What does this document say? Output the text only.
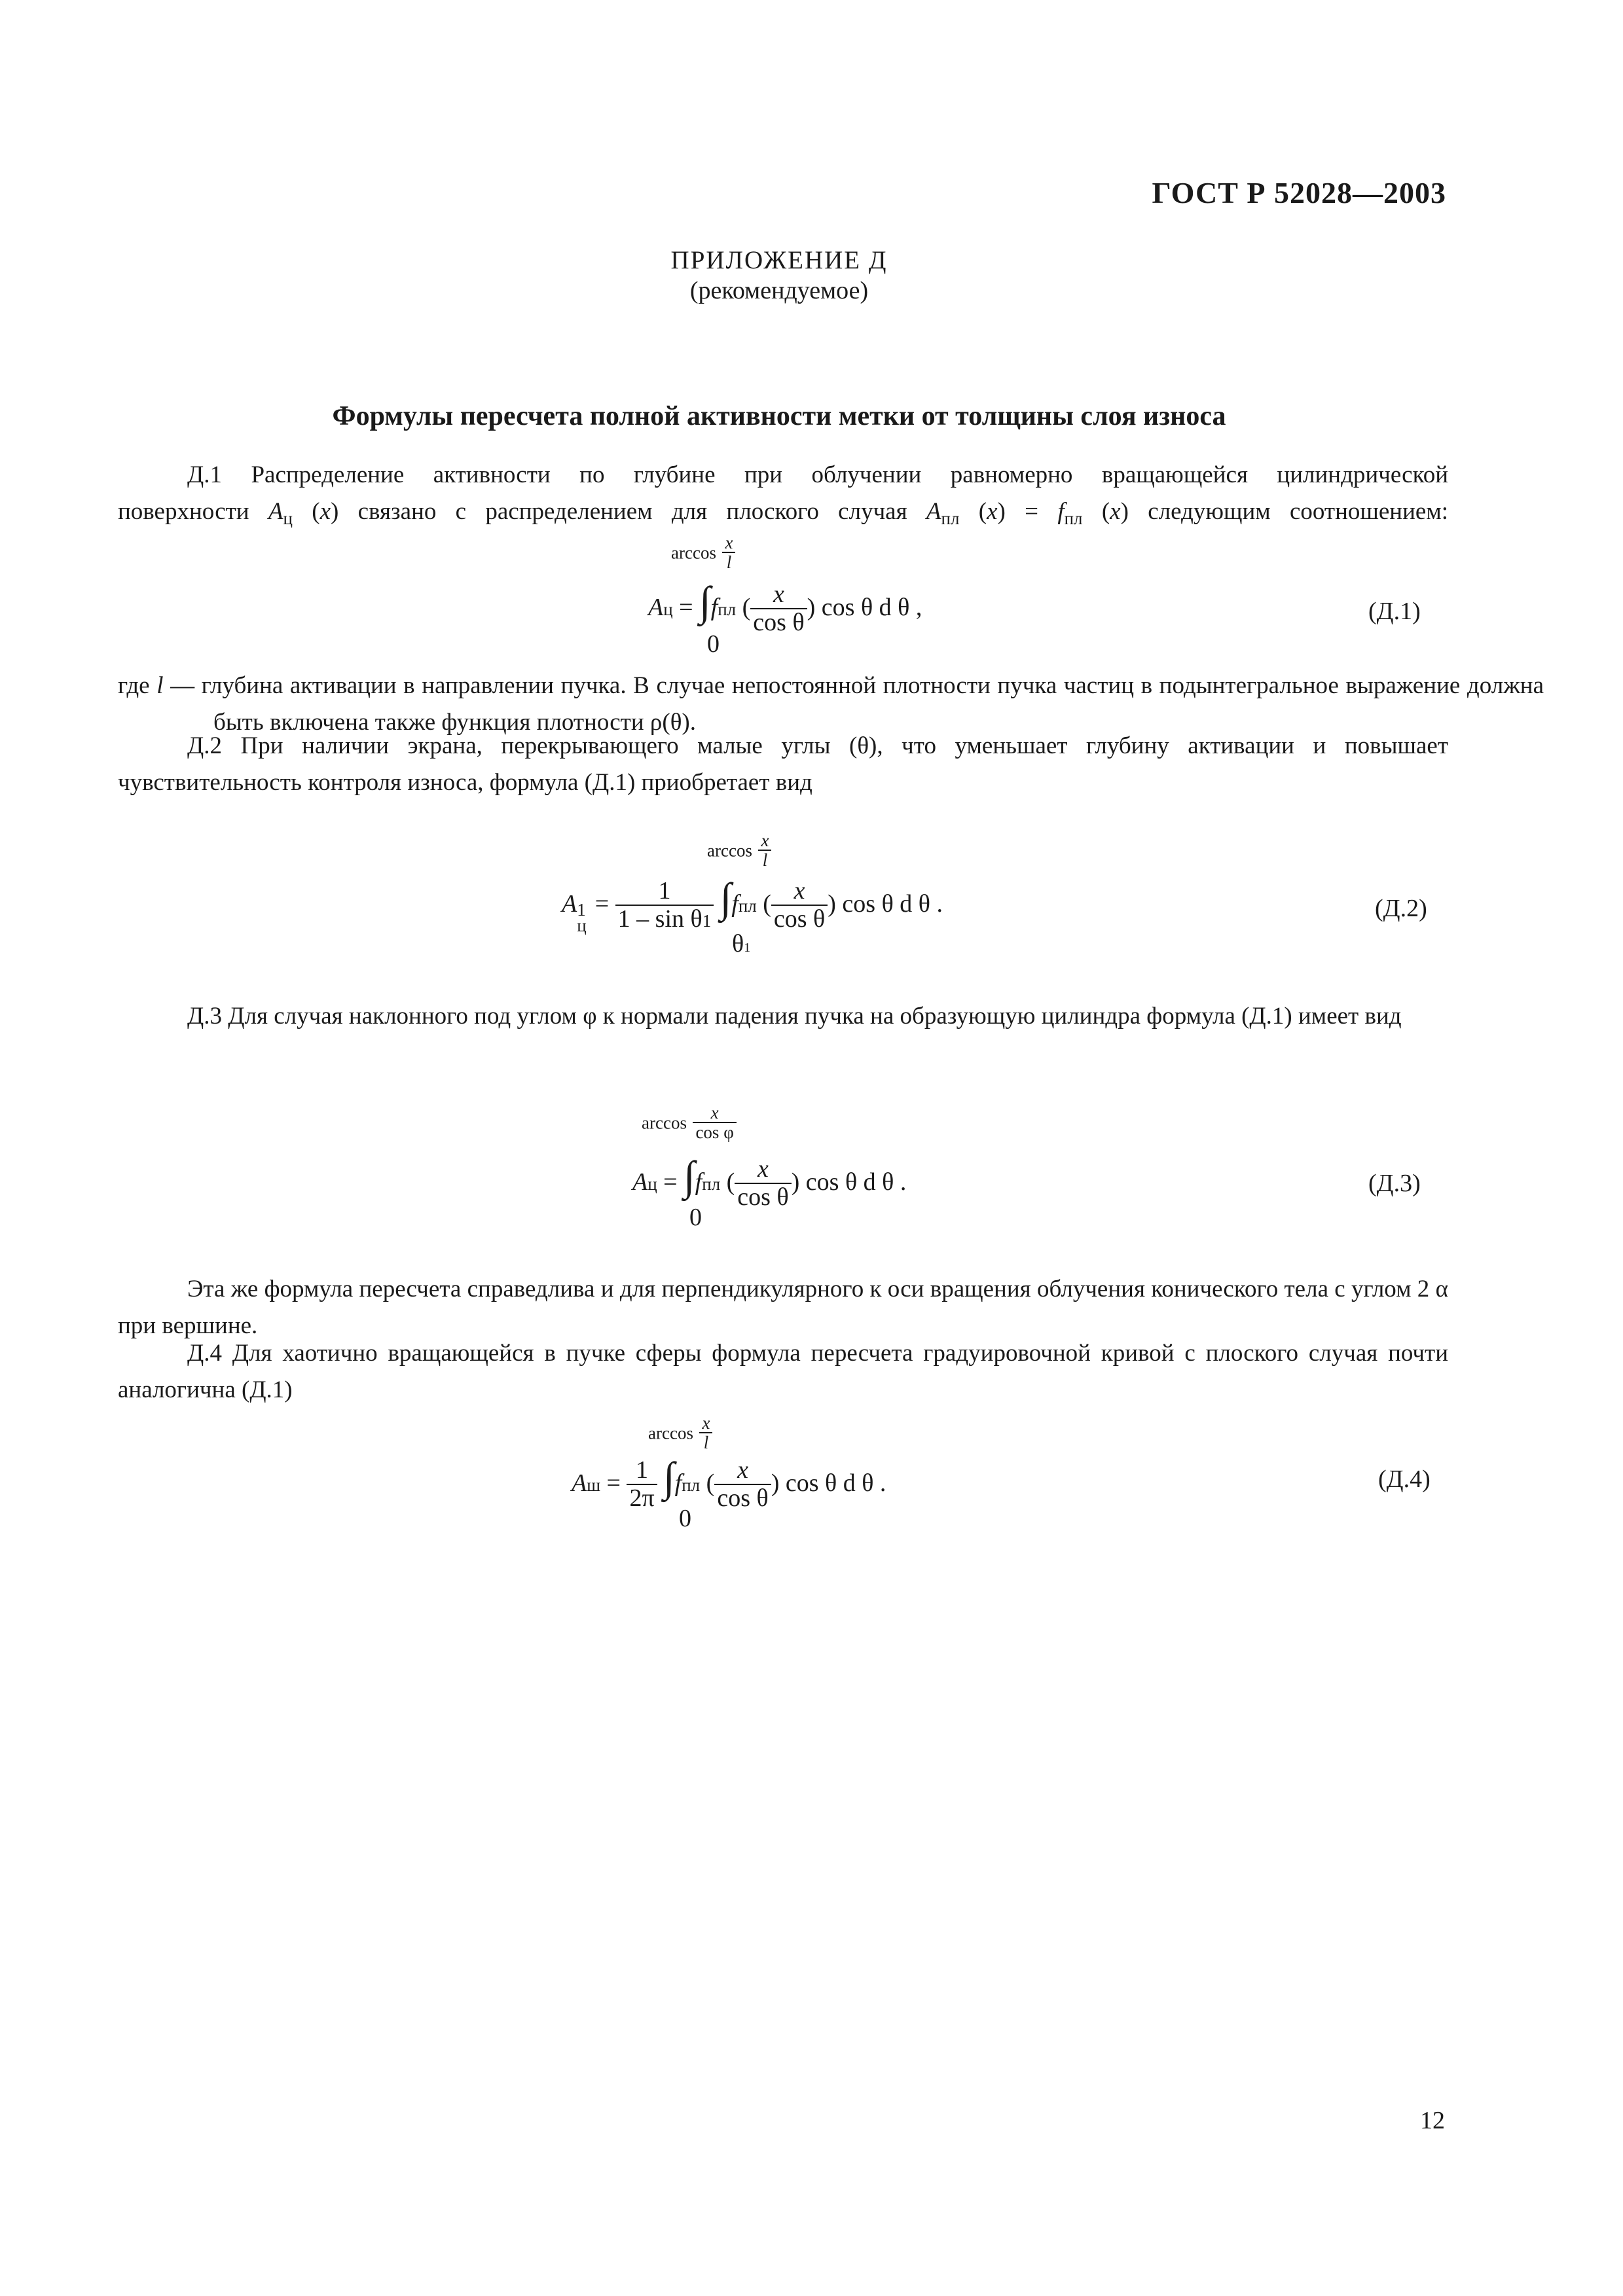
ГОСТ Р 52028—2003
ПРИЛОЖЕНИЕ Д
(рекомендуемое)
Формулы пересчета полной активности метки от толщины слоя износа
Д.1 Распределение активности по глубине при облучении равномерно вращающейся цилиндрической
поверхности $A_ц$ (x) связано с распределением для плоского случая $A_{пл}$ $(x) = f_{пл}$ (x) следующим соотношением:
$\arccos \frac{x}{l}$
Aц = ∫fпл ( $\frac{x}{\text{cos θ}}$ ) cos θ d θ ,
0
(Д.1)
где l — глубина активации в направлении пучка. В случае непостоянной плотности пучка частиц в подынтегральное выражение должна быть включена также функция плотности ρ(θ).
Д.2 При наличии экрана, перекрывающего малые углы (θ), что уменьшает глубину активации и повышает чувствительность контроля износа, формула (Д.1) приобретает вид
$\arccos \frac{x}{l}$
A 1
ц
= $\frac{1}{\text{1 – sin θ1}} \int fпл$ ( $\frac{x}{\text{cos θ}}$ ) cos θ d θ .
θ1
(Д.2)
Д.3 Для случая наклонного под углом φ к нормали падения пучка на образующую цилиндра формула (Д.1) имеет вид
$\arccos \frac{x}{\text{cos φ}}$
Aц = ∫fпл ( $\frac{x}{\text{cos θ}}$ ) cos θ d θ .
0
(Д.3)
Эта же формула пересчета справедлива и для перпендикулярного к оси вращения облучения конического тела с углом 2 α при вершине.
Д.4 Для хаотично вращающейся в пучке сферы формула пересчета градуировочной кривой с плоского случая почти аналогична (Д.1)
$\arccos \frac{x}{l}$
Aш = $\frac{1}{2\pi} \int fпл$ ( $\frac{x}{\text{cos θ}}$ ) cos θ d θ .
0
(Д.4)
12
